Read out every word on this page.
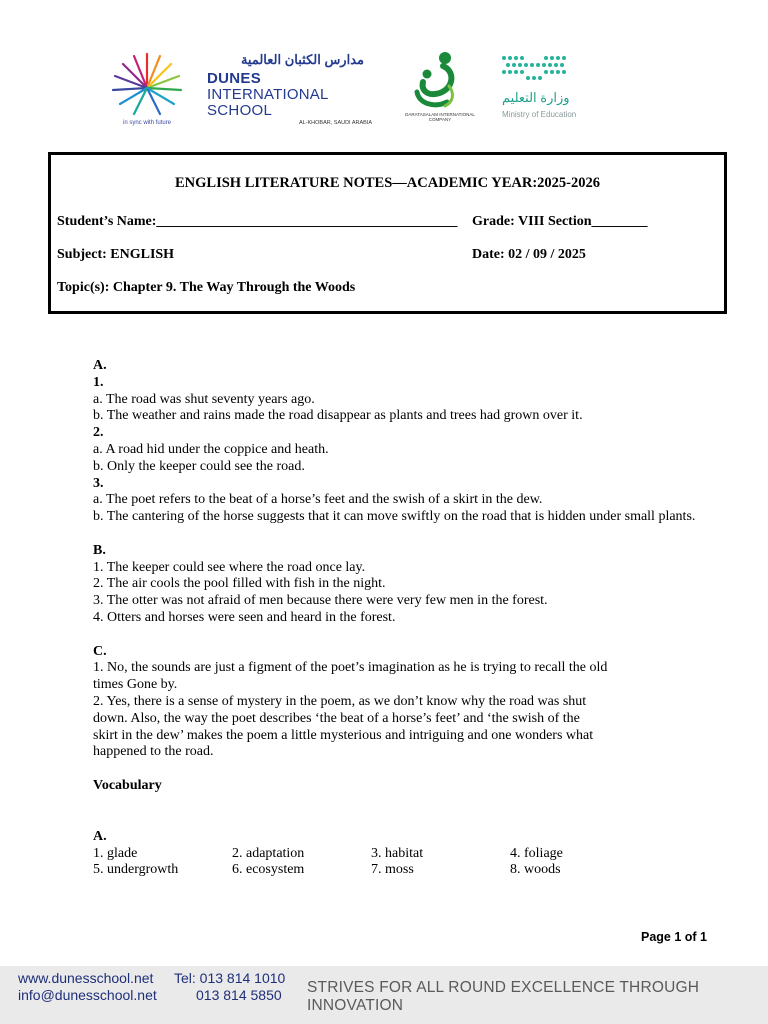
in sync with future
مدارس الكثبان العالمية
DUNES
INTERNATIONAL
SCHOOL
AL-KHOBAR, SAUDI ARABIA
DARATASALAM INTERNATIONAL COMPANY
وزارة التعليم
Ministry of Education
ENGLISH LITERATURE NOTES—ACADEMIC YEAR:2025-2026
Student’s Name:___________________________________________ Grade: VIII Section________
Subject: ENGLISH	Date: 02 / 09 / 2025
Topic(s): Chapter 9. The Way Through the Woods

A.

1.

a. The road was shut seventy years ago.

b. The weather and rains made the road disappear as plants and trees had grown over it.

2.

a. A road hid under the coppice and heath.

b. Only the keeper could see the road.

3.

a. The poet refers to the beat of a horse’s feet and the swish of a skirt in the dew.

b. The cantering of the horse suggests that it can move swiftly on the road that is hidden under small plants.

B.

1. The keeper could see where the road once lay.

2. The air cools the pool filled with fish in the night.

3. The otter was not afraid of men because there were very few men in the forest.

4. Otters and horses were seen and heard in the forest.

C.

1. No, the sounds are just a figment of the poet’s imagination as he is trying to recall the old

times Gone by.

2. Yes, there is a sense of mystery in the poem, as we don’t know why the road was shut

down. Also, the way the poet describes ‘the beat of a horse’s feet’ and ‘the swish of the

skirt in the dew’ makes the poem a little mysterious and intriguing and one wonders what

happened to the road.

Vocabulary

A.
1. glade	2. adaptation	3. habitat	4. foliage
5. undergrowth	6. ecosystem	7. moss	8. woods
Page 1 of 1
www.dunesschool.net
info@dunesschool.net
Tel: 013 814 1010
013 814 5850 STRIVES FOR ALL ROUND EXCELLENCE THROUGH INNOVATION
